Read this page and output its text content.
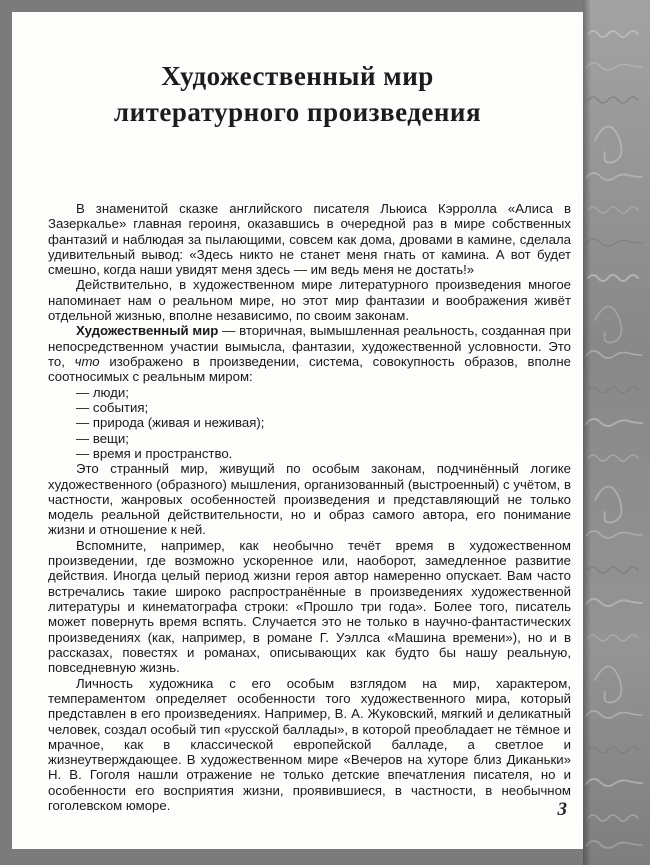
Художественный мир
литературного произведения

В знаменитой сказке английского писателя Льюиса Кэрролла «Алиса в Зазеркалье» главная героиня, оказавшись в очередной раз в мире собственных фантазий и наблюдая за пылающими, совсем как дома, дровами в камине, сделала удивительный вывод: «Здесь никто не станет меня гнать от камина. А вот будет смешно, когда наши увидят меня здесь — им ведь меня не достать!»

Действительно, в художественном мире литературного произведения многое напоминает нам о реальном мире, но этот мир фантазии и воображения живёт отдельной жизнью, вполне независимо, по своим законам.

Художественный мир — вторичная, вымышленная реальность, созданная при непосредственном участии вымысла, фантазии, художественной условности. Это то, что изображено в произведении, система, совокупность образов, вполне соотносимых с реальным миром:

— люди;
— события;
— природа (живая и неживая);
— вещи;
— время и пространство.

Это странный мир, живущий по особым законам, подчинённый логике художественного (образного) мышления, организованный (выстроенный) с учётом, в частности, жанровых особенностей произведения и представляющий не только модель реальной действительности, но и образ самого автора, его понимание жизни и отношение к ней.

Вспомните, например, как необычно течёт время в художественном произведении, где возможно ускоренное или, наоборот, замедленное развитие действия. Иногда целый период жизни героя автор намеренно опускает. Вам часто встречались такие широко распространённые в произведениях художественной литературы и кинематографа строки: «Прошло три года». Более того, писатель может повернуть время вспять. Случается это не только в научно-фантастических произведениях (как, например, в романе Г. Уэллса «Машина времени»), но и в рассказах, повестях и романах, описывающих как будто бы нашу реальную, повседневную жизнь.

Личность художника с его особым взглядом на мир, характером, темпераментом определяет особенности того художественного мира, который представлен в его произведениях. Например, В. А. Жуковский, мягкий и деликатный человек, создал особый тип «русской баллады», в которой преобладает не тёмное и мрачное, как в классической европейской балладе, а светлое и жизнеутверждающее. В художественном мире «Вечеров на хуторе близ Диканьки» Н. В. Гоголя нашли отражение не только детские впечатления писателя, но и особенности его восприятия жизни, проявившиеся, в частности, в необычном гоголевском юморе.	3
